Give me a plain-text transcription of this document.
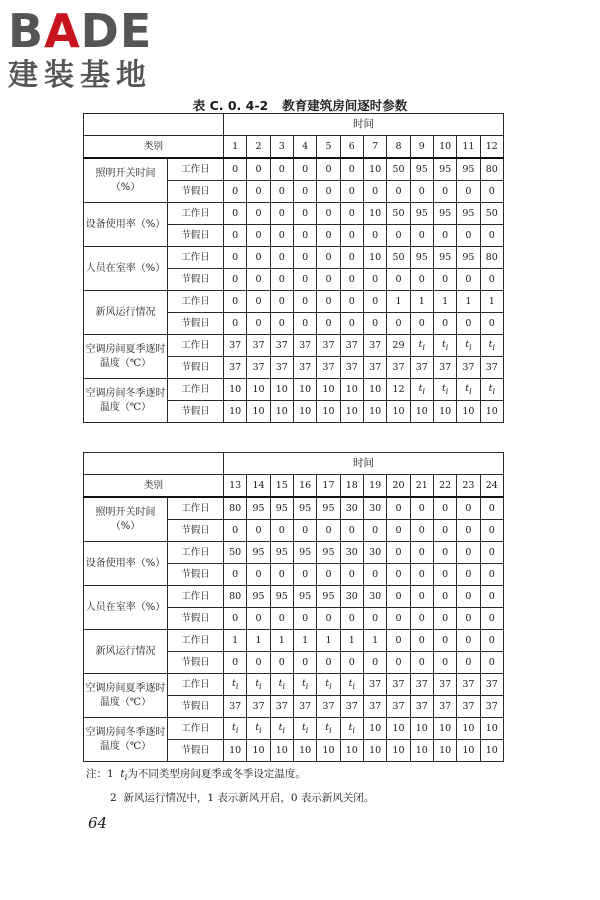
BADE
建装基地
表 C. 0. 4-2 教育建筑房间逐时参数
		时间											
类别		1	2	3	4	5	6	7	8	9	10	11	12
照明开关时间（%）	工作日	0	0	0	0	0	0	10	50	95	95	95	80
	节假日	0	0	0	0	0	0	0	0	0	0	0	0
设备使用率（%）	工作日	0	0	0	0	0	0	10	50	95	95	95	50
	节假日	0	0	0	0	0	0	0	0	0	0	0	0
人员在室率（%）	工作日	0	0	0	0	0	0	10	50	95	95	95	80
	节假日	0	0	0	0	0	0	0	0	0	0	0	0
新风运行情况	工作日	0	0	0	0	0	0	0	1	1	1	1	1
	节假日	0	0	0	0	0	0	0	0	0	0	0	0
空调房间夏季逐时温度（℃）	工作日	37	37	37	37	37	37	37	29	$t_i$	$t_i$	$t_i$	$t_i$
	节假日	37	37	37	37	37	37	37	37	37	37	37	37
空调房间冬季逐时温度（℃）	工作日	10	10	10	10	10	10	10	12	$t_i$	$t_i$	$t_i$	$t_i$
	节假日	10	10	10	10	10	10	10	10	10	10	10	10
		时间											
类别		13	14	15	16	17	18	19	20	21	22	23	24
照明开关时间（%）	工作日	80	95	95	95	95	30	30	0	0	0	0	0
	节假日	0	0	0	0	0	0	0	0	0	0	0	0
设备使用率（%）	工作日	50	95	95	95	95	30	30	0	0	0	0	0
	节假日	0	0	0	0	0	0	0	0	0	0	0	0
人员在室率（%）	工作日	80	95	95	95	95	30	30	0	0	0	0	0
	节假日	0	0	0	0	0	0	0	0	0	0	0	0
新风运行情况	工作日	1	1	1	1	1	1	1	0	0	0	0	0
	节假日	0	0	0	0	0	0	0	0	0	0	0	0
空调房间夏季逐时温度（℃）	工作日	$t_i$	$t_i$	$t_i$	$t_i$	$t_i$	$t_i$	37	37	37	37	37	37
	节假日	37	37	37	37	37	37	37	37	37	37	37	37
空调房间冬季逐时温度（℃）	工作日	$t_i$	$t_i$	$t_i$	$t_i$	$t_i$	$t_i$	10	10	10	10	10	10
	节假日	10	10	10	10	10	10	10	10	10	10	10	10
注：1 $t_i$为不同类型房间夏季或冬季设定温度。
2 新风运行情况中，1 表示新风开启，0 表示新风关闭。
64
